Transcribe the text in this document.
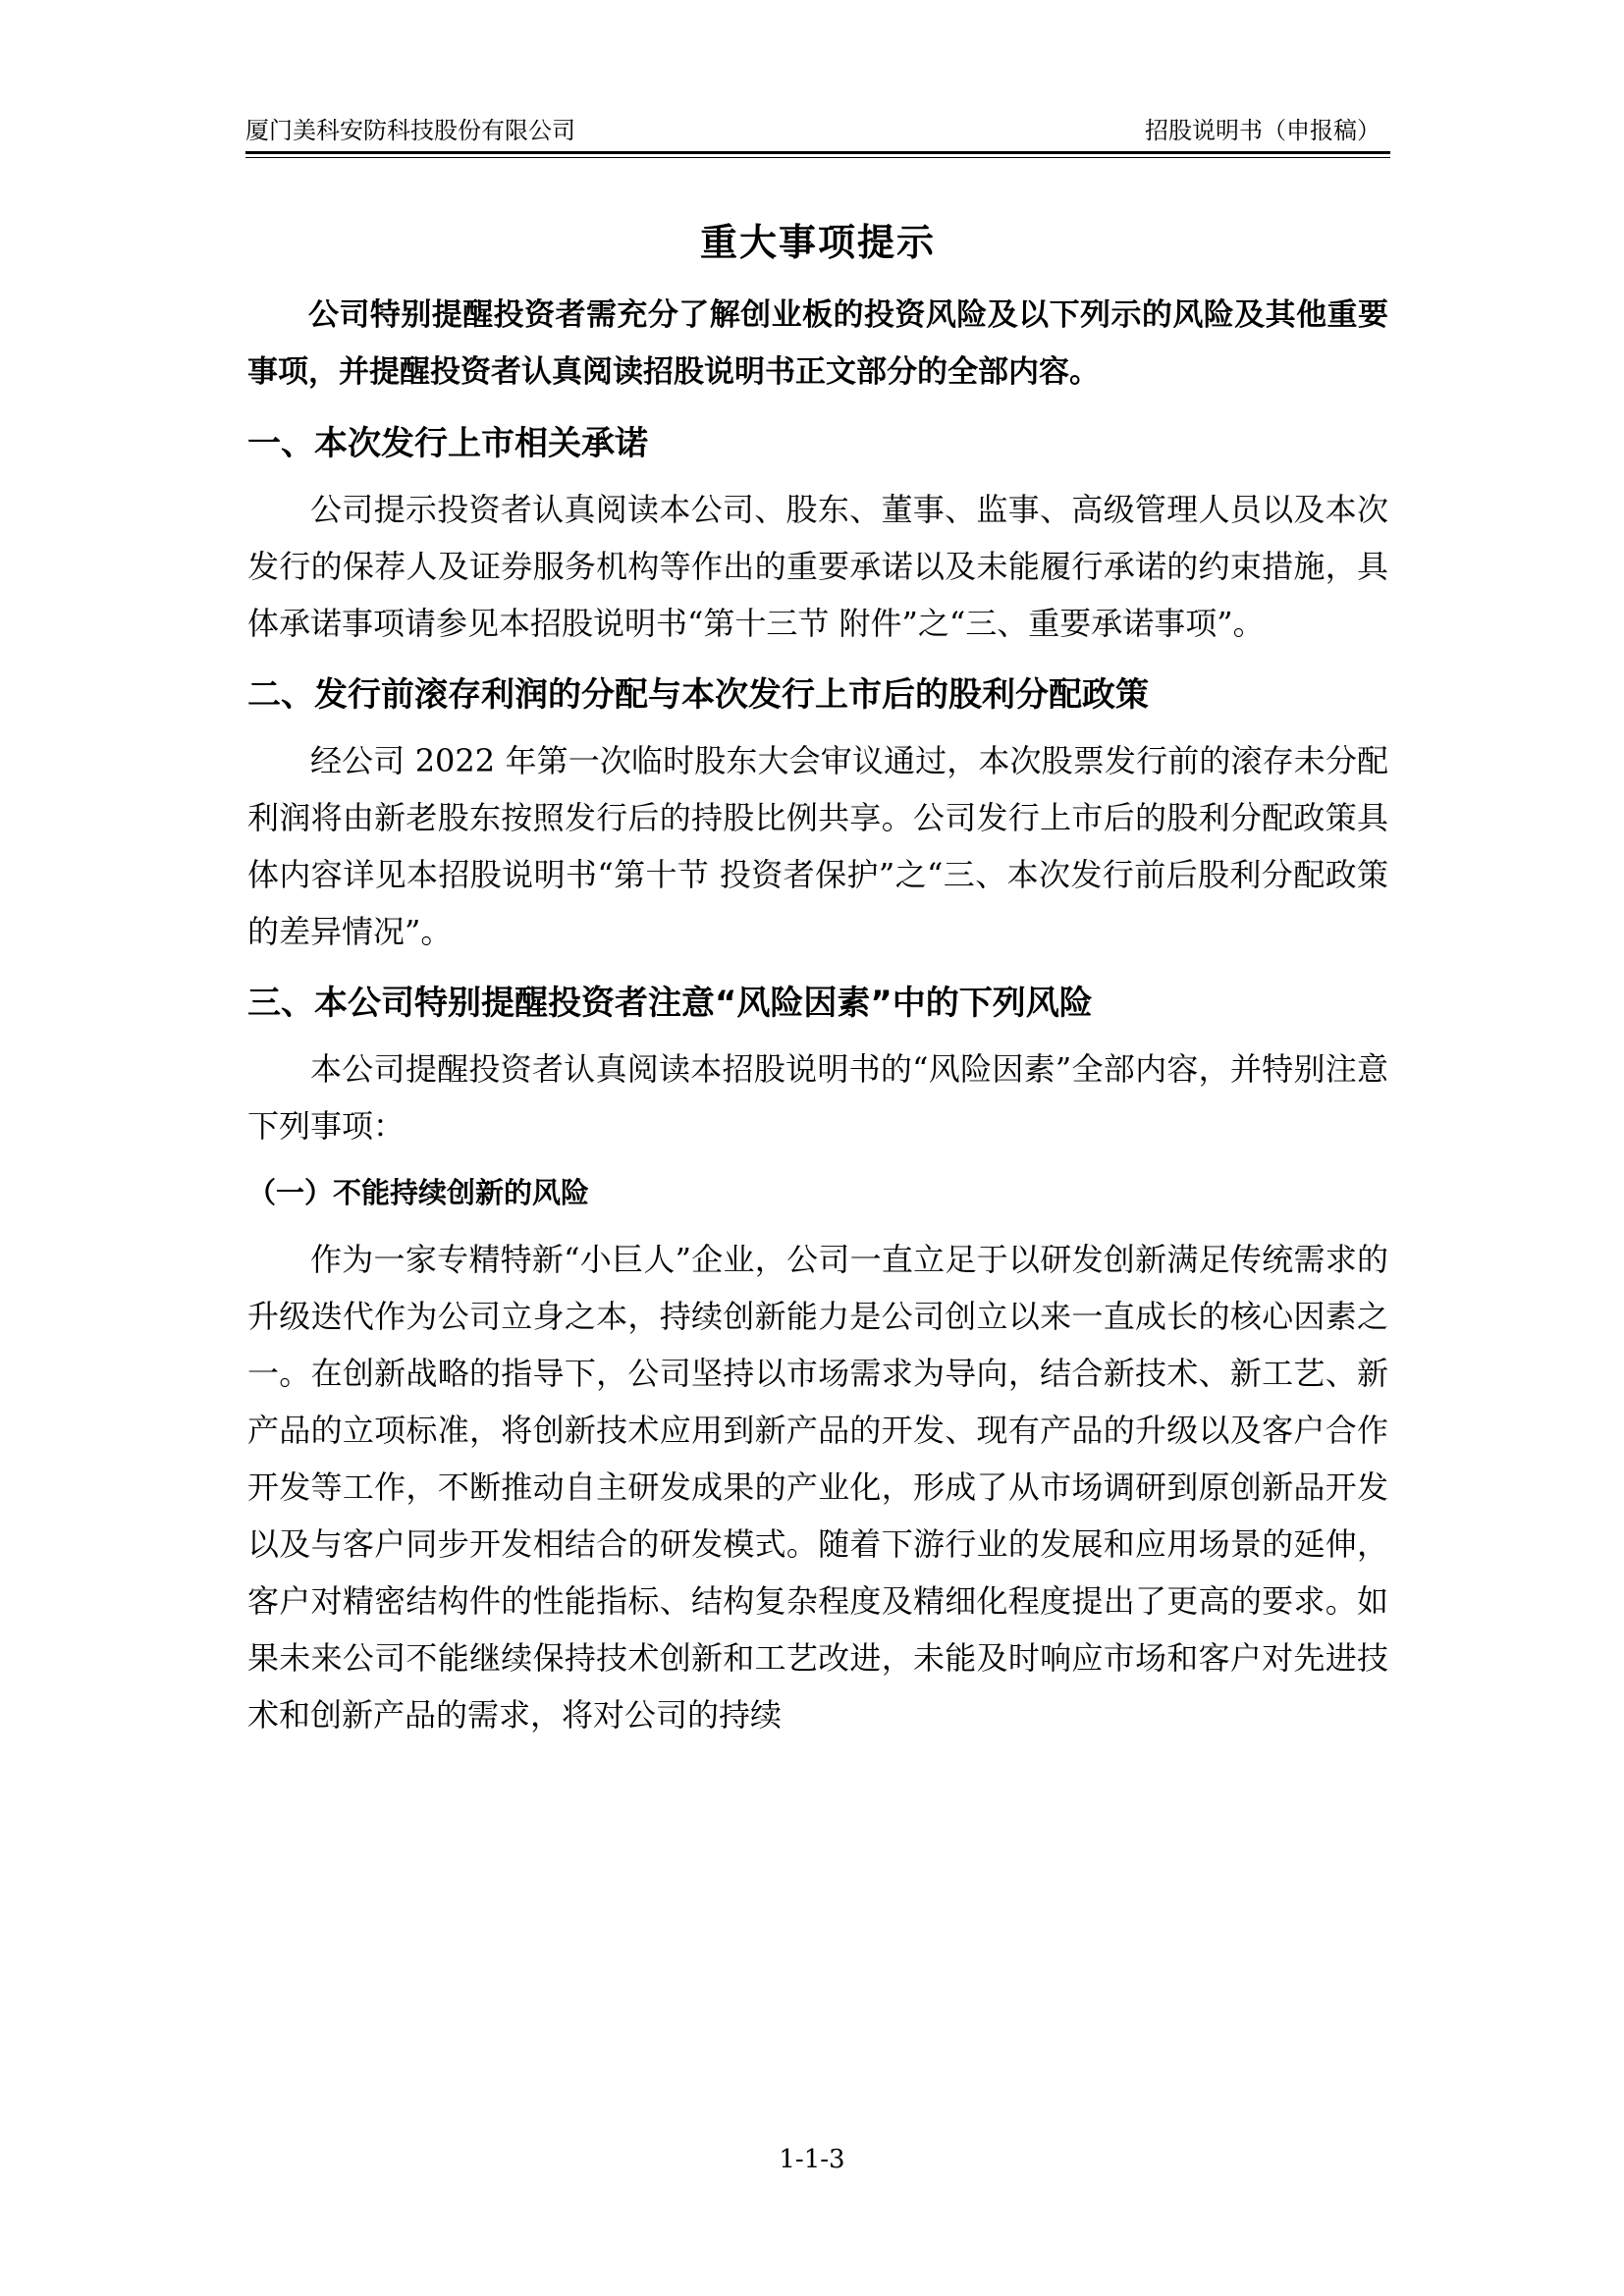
厦门美科安防科技股份有限公司	招股说明书（申报稿）
重大事项提示

公司特别提醒投资者需充分了解创业板的投资风险及以下列示的风险及其他重要事项，并提醒投资者认真阅读招股说明书正文部分的全部内容。

一、本次发行上市相关承诺

公司提示投资者认真阅读本公司、股东、董事、监事、高级管理人员以及本次发行的保荐人及证券服务机构等作出的重要承诺以及未能履行承诺的约束措施，具体承诺事项请参见本招股说明书“第十三节 附件”之“三、重要承诺事项”。

二、发行前滚存利润的分配与本次发行上市后的股利分配政策

经公司 2022 年第一次临时股东大会审议通过，本次股票发行前的滚存未分配利润将由新老股东按照发行后的持股比例共享。公司发行上市后的股利分配政策具体内容详见本招股说明书“第十节 投资者保护”之“三、本次发行前后股利分配政策的差异情况”。

三、本公司特别提醒投资者注意“风险因素”中的下列风险

本公司提醒投资者认真阅读本招股说明书的“风险因素”全部内容，并特别注意下列事项：

（一）不能持续创新的风险

作为一家专精特新“小巨人”企业，公司一直立足于以研发创新满足传统需求的升级迭代作为公司立身之本，持续创新能力是公司创立以来一直成长的核心因素之一。在创新战略的指导下，公司坚持以市场需求为导向，结合新技术、新工艺、新产品的立项标准，将创新技术应用到新产品的开发、现有产品的升级以及客户合作开发等工作，不断推动自主研发成果的产业化，形成了从市场调研到原创新品开发以及与客户同步开发相结合的研发模式。随着下游行业的发展和应用场景的延伸，客户对精密结构件的性能指标、结构复杂程度及精细化程度提出了更高的要求。如果未来公司不能继续保持技术创新和工艺改进，未能及时响应市场和客户对先进技术和创新产品的需求，将对公司的持续

1-1-3
